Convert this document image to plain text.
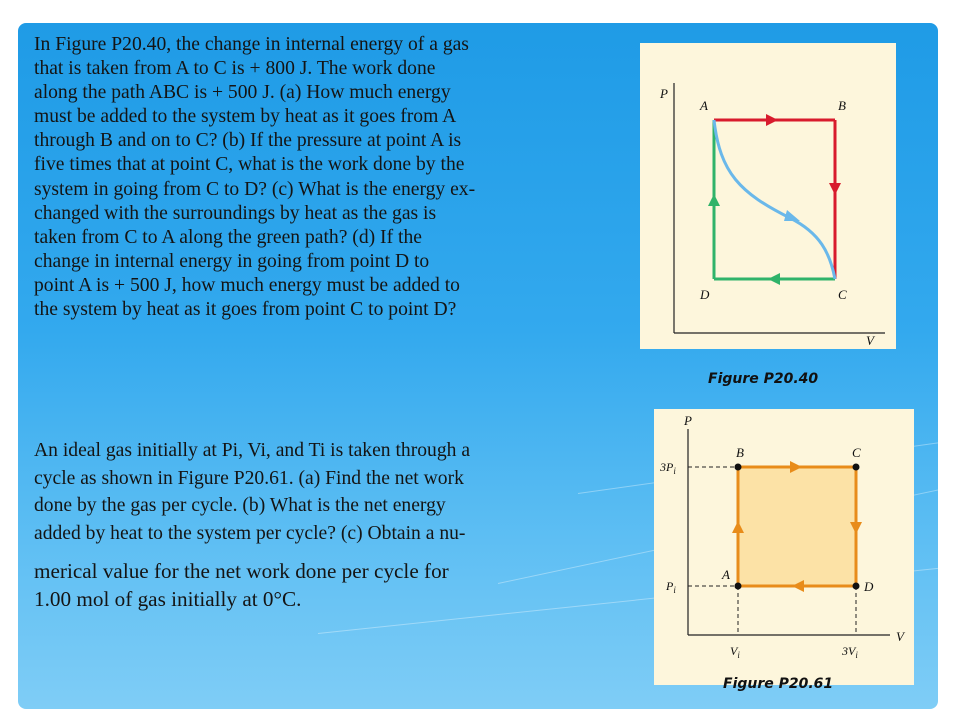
In Figure P20.40, the change in internal energy of a gas
that is taken from A to C is + 800 J. The work done
along the path ABC is + 500 J. (a) How much energy
must be added to the system by heat as it goes from A
through B and on to C? (b) If the pressure at point A is
five times that at point C, what is the work done by the
system in going from C to D? (c) What is the energy ex-
changed with the surroundings by heat as the gas is
taken from C to A along the green path? (d) If the
change in internal energy in going from point D to
point A is + 500 J, how much energy must be added to
the system by heat as it goes from point C to point D?
An ideal gas initially at Pi, Vi, and Ti is taken through a
cycle as shown in Figure P20.61. (a) Find the net work
done by the gas per cycle. (b) What is the net energy
added by heat to the system per cycle? (c) Obtain a nu-
merical value for the net work done per cycle for
1.00 mol of gas initially at 0°C.
P
V
A	B
C
D
Figure P20.40
P
V
B	C
D
A
$3P_i$
$P_i$
$V_i$	$3V_i$
Figure P20.61
